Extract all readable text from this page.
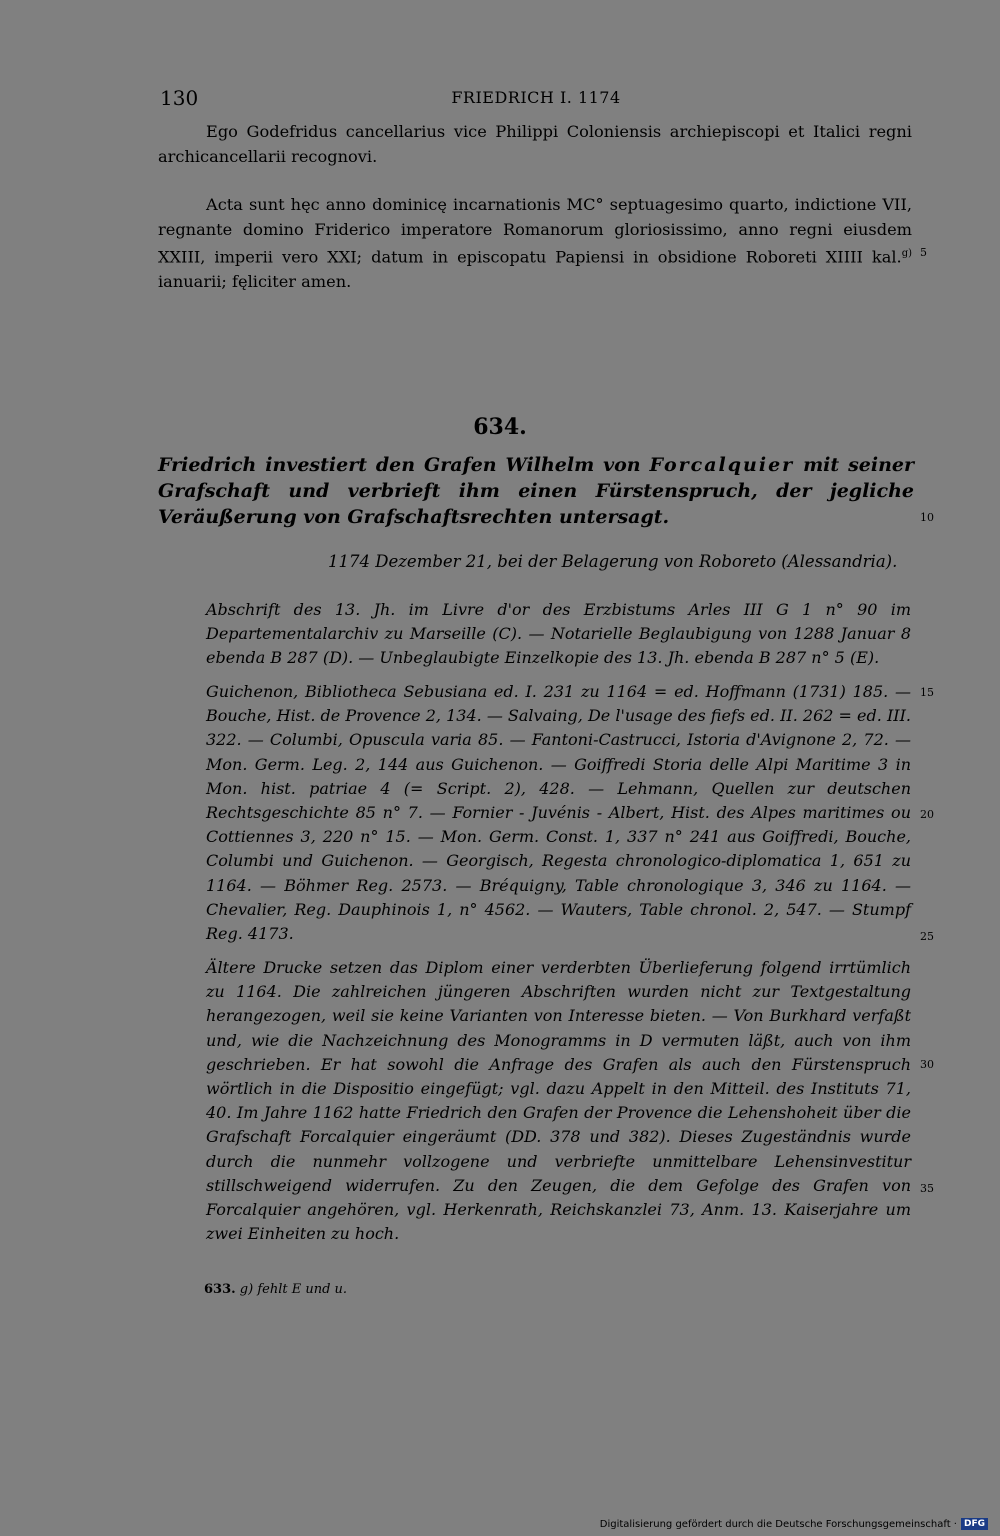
130	FRIEDRICH I. 1174

Ego Godefridus cancellarius vice Philippi Coloniensis archiepiscopi et Italici regni archicancellarii recognovi.

Acta sunt hęc anno dominicę incarnationis MC° septuagesimo quarto, indictione VII, regnante domino Friderico imperatore Romanorum gloriosissimo, anno regni eiusdem XXIII, imperii vero XXI; datum in episcopatu Papiensi in obsidione Roboreti XIIII kal.$^{g)}$ ianuarii; fęliciter amen.

634.

Friedrich investiert den Grafen Wilhelm von Forcalquier mit seiner Grafschaft und verbrieft ihm einen Fürstenspruch, der jegliche Veräußerung von Grafschaftsrechten untersagt.

1174 Dezember 21, bei der Belagerung von Roboreto (Alessandria).

Abschrift des 13. Jh. im Livre d'or des Erzbistums Arles III G 1 n° 90 im Departementalarchiv zu Marseille (C). — Notarielle Beglaubigung von 1288 Januar 8 ebenda B 287 (D). — Unbeglaubigte Einzelkopie des 13. Jh. ebenda B 287 n° 5 (E).

Guichenon, Bibliotheca Sebusiana ed. I. 231 zu 1164 = ed. Hoffmann (1731) 185. — Bouche, Hist. de Provence 2, 134. — Salvaing, De l'usage des fiefs ed. II. 262 = ed. III. 322. — Columbi, Opuscula varia 85. — Fantoni-Castrucci, Istoria d'Avignone 2, 72. — Mon. Germ. Leg. 2, 144 aus Guichenon. — Goiffredi Storia delle Alpi Maritime 3 in Mon. hist. patriae 4 (= Script. 2), 428. — Lehmann, Quellen zur deutschen Rechtsgeschichte 85 n° 7. — Fornier - Juvénis - Albert, Hist. des Alpes maritimes ou Cottiennes 3, 220 n° 15. — Mon. Germ. Const. 1, 337 n° 241 aus Goiffredi, Bouche, Columbi und Guichenon. — Georgisch, Regesta chronologico-diplomatica 1, 651 zu 1164. — Böhmer Reg. 2573. — Bréquigny, Table chronologique 3, 346 zu 1164. — Chevalier, Reg. Dauphinois 1, n° 4562. — Wauters, Table chronol. 2, 547. — Stumpf Reg. 4173.

Ältere Drucke setzen das Diplom einer verderbten Überlieferung folgend irrtümlich zu 1164. Die zahlreichen jüngeren Abschriften wurden nicht zur Textgestaltung herangezogen, weil sie keine Varianten von Interesse bieten. — Von Burkhard verfaßt und, wie die Nachzeichnung des Monogramms in D vermuten läßt, auch von ihm geschrieben. Er hat sowohl die Anfrage des Grafen als auch den Fürstenspruch wörtlich in die Dispositio eingefügt; vgl. dazu Appelt in den Mitteil. des Instituts 71, 40. Im Jahre 1162 hatte Friedrich den Grafen der Provence die Lehenshoheit über die Grafschaft Forcalquier eingeräumt (DD. 378 und 382). Dieses Zugeständnis wurde durch die nunmehr vollzogene und verbriefte unmittelbare Lehensinvestitur stillschweigend widerrufen. Zu den Zeugen, die dem Gefolge des Grafen von Forcalquier angehören, vgl. Herkenrath, Reichskanzlei 73, Anm. 13. Kaiserjahre um zwei Einheiten zu hoch.

5
10
15
20
25
30
35
633. g) fehlt E und u.
Digitalisierung gefördert durch die Deutsche Forschungsgemeinschaft · DFG
